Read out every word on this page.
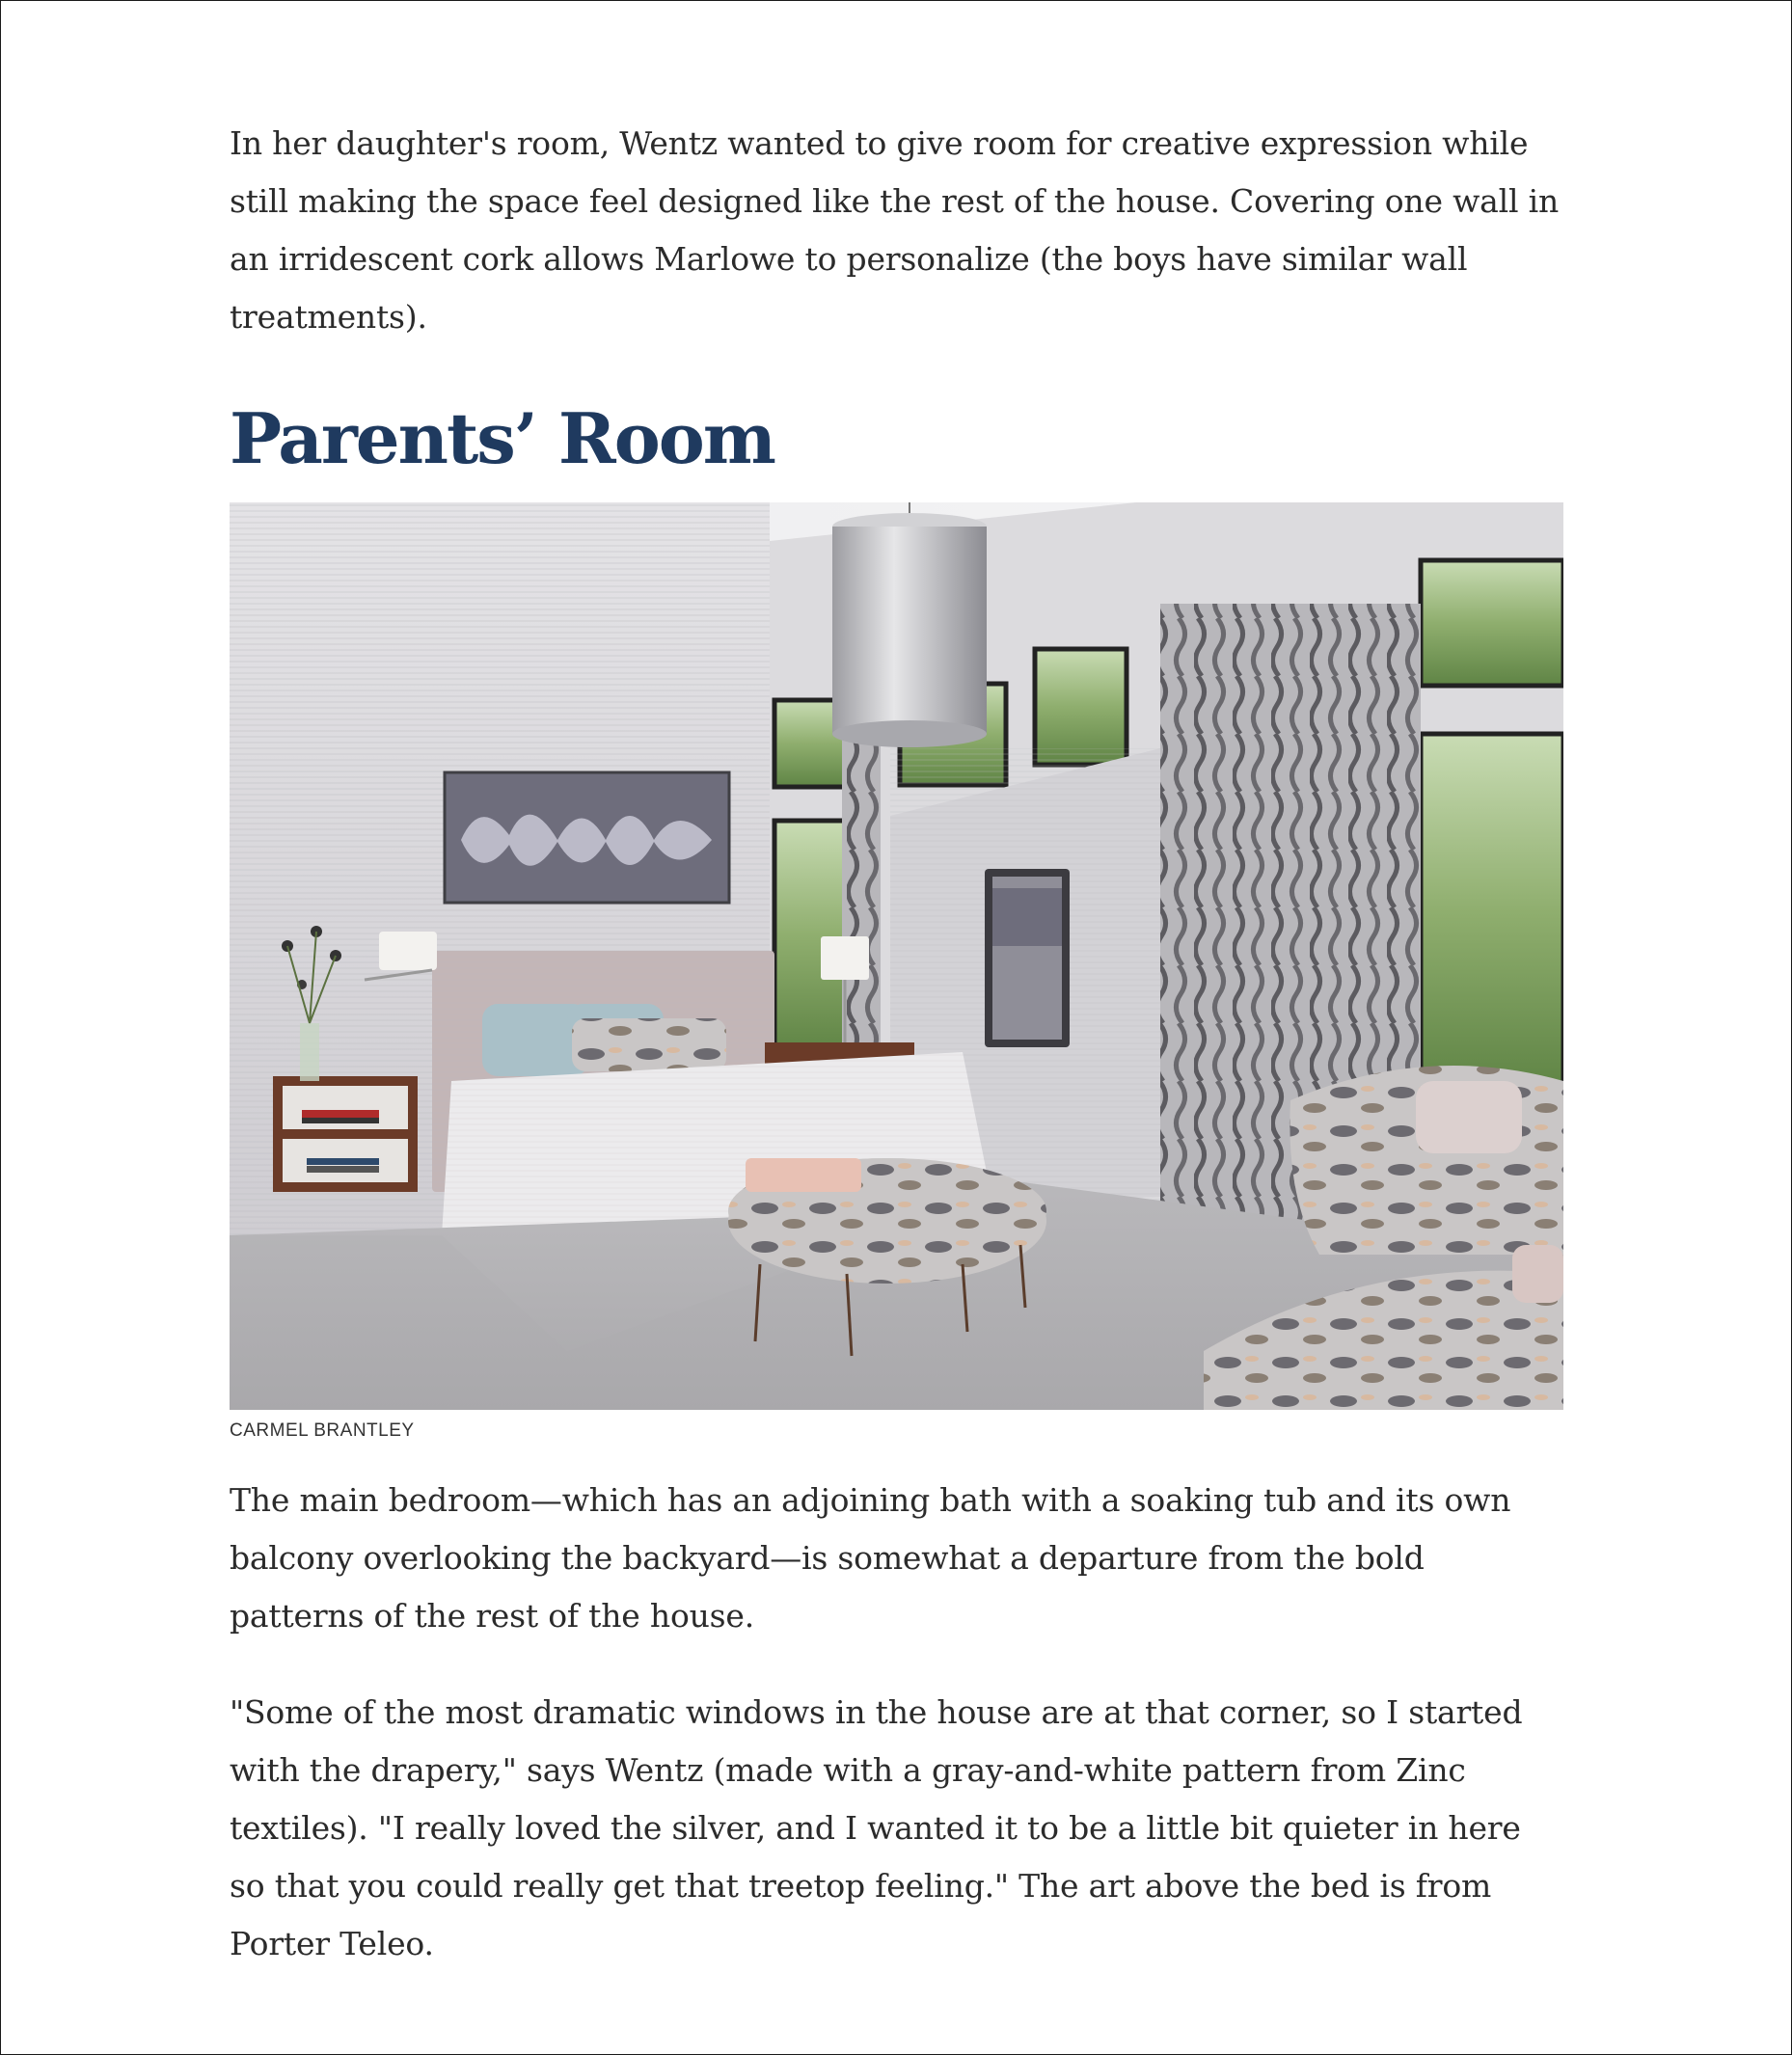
In her daughter's room, Wentz wanted to give room for creative expression while still making the space feel designed like the rest of the house. Covering one wall in an irridescent cork allows Marlowe to personalize (the boys have similar wall treatments).

Parents’ Room

CARMEL BRANTLEY

The main bedroom—which has an adjoining bath with a soaking tub and its own balcony overlooking the backyard—is somewhat a departure from the bold patterns of the rest of the house.

"Some of the most dramatic windows in the house are at that corner, so I started with the drapery," says Wentz (made with a gray-and-white pattern from Zinc textiles). "I really loved the silver, and I wanted it to be a little bit quieter in here so that you could really get that treetop feeling." The art above the bed is from Porter Teleo.
